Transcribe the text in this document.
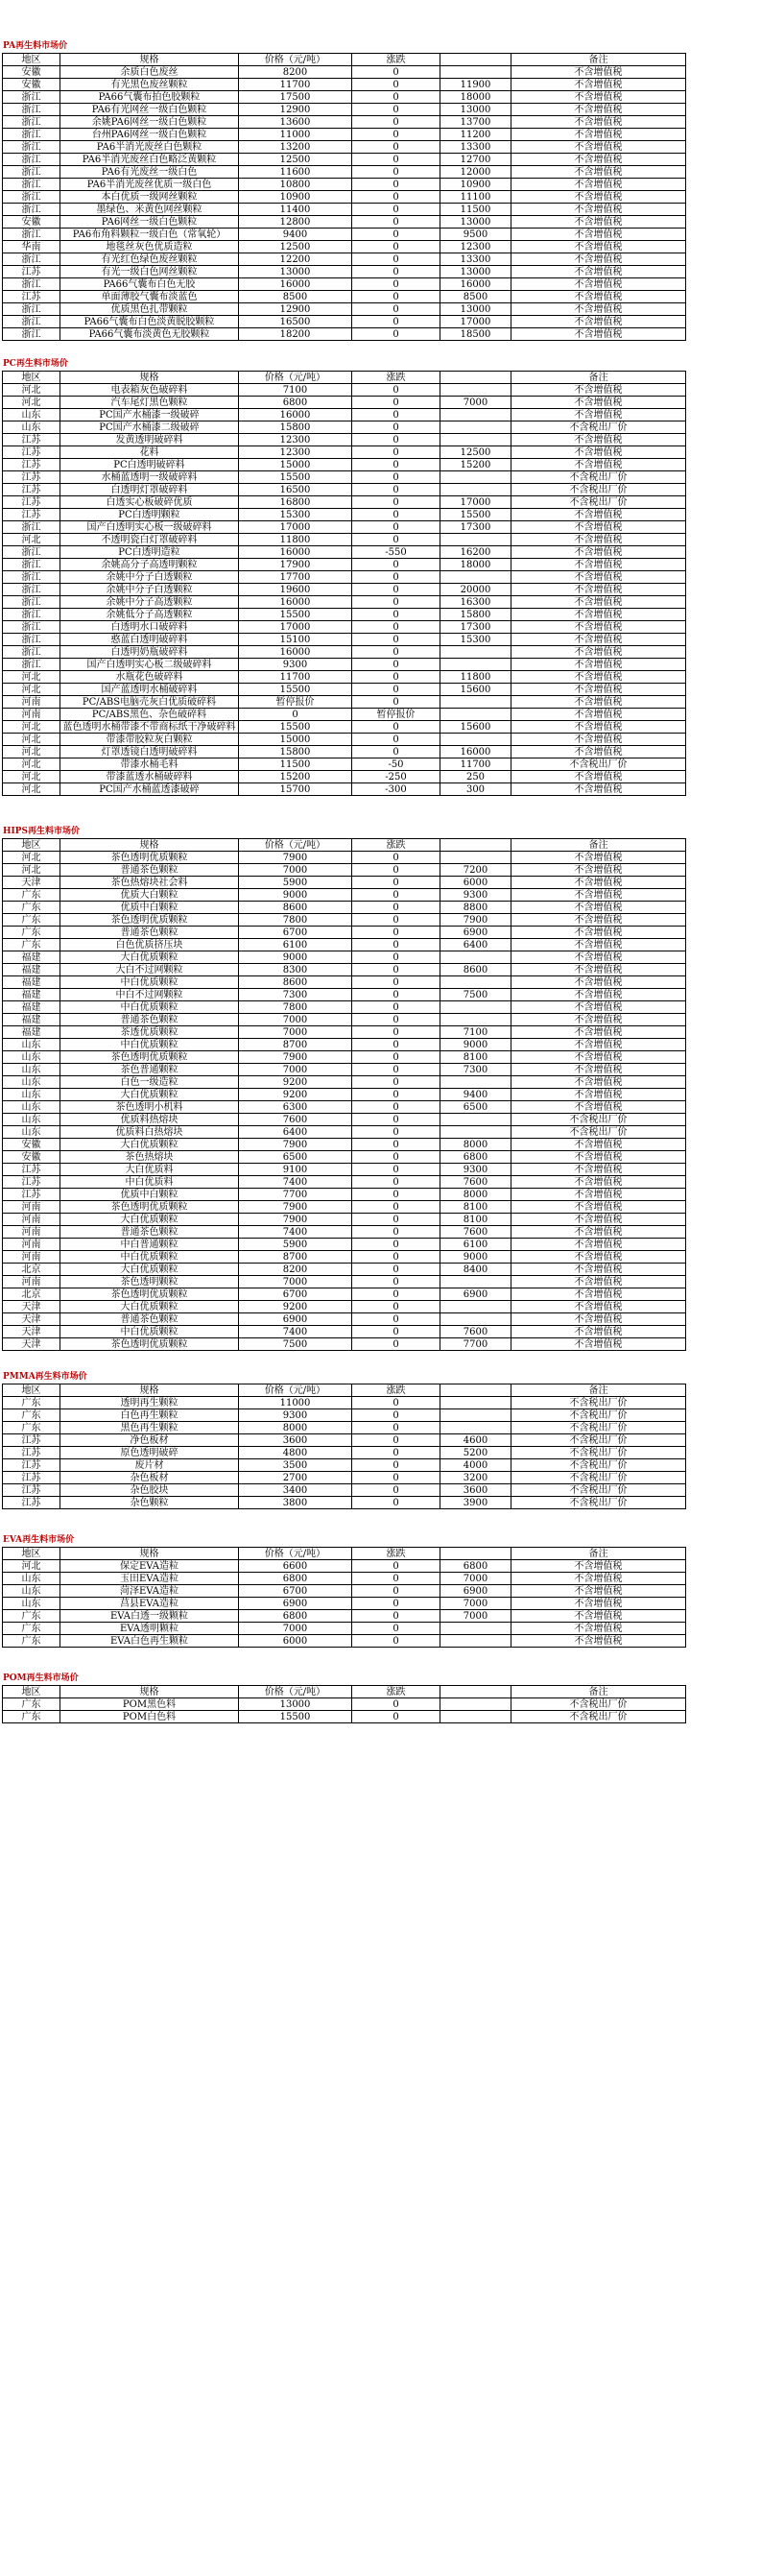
PA再生料市场价
地区	规格	价格（元/吨）	涨跌		备注
安徽	余质白色废丝	8200	0		不含增值税
安徽	有光黑色废丝颗粒	11700	0	11900	不含增值税
浙江	PA66气囊布拍色胶颗粒	17500	0	18000	不含增值税
浙江	PA6有光网丝一级白色颗粒	12900	0	13000	不含增值税
浙江	余姚PA6网丝一级白色颗粒	13600	0	13700	不含增值税
浙江	台州PA6网丝一级白色颗粒	11000	0	11200	不含增值税
浙江	PA6半消光废丝白色颗粒	13200	0	13300	不含增值税
浙江	PA6半消光废丝白色略泛黄颗粒	12500	0	12700	不含增值税
浙江	PA6有光废丝一级白色	11600	0	12000	不含增值税
浙江	PA6半消光废丝优质一级白色	10800	0	10900	不含增值税
浙江	本白优质一级网丝颗粒	10900	0	11100	不含增值税
浙江	墨绿色、米黄色网丝颗粒	11400	0	11500	不含增值税
安徽	PA6网丝一级白色颗粒	12800	0	13000	不含增值税
浙江	PA6布角料颗粒一级白色（常氧轮）	9400	0	9500	不含增值税
华南	地毯丝灰色优质造粒	12500	0	12300	不含增值税
浙江	有光红色绿色废丝颗粒	12200	0	13300	不含增值税
江苏	有光一级白色网丝颗粒	13000	0	13000	不含增值税
浙江	PA66气囊布白色无胶	16000	0	16000	不含增值税
江苏	单面薄胶气囊布淡蓝色	8500	0	8500	不含增值税
浙江	优质黑色扎带颗粒	12900	0	13000	不含增值税
浙江	PA66气囊布白色淡黄脱胶颗粒	16500	0	17000	不含增值税
浙江	PA66气囊布淡黄色无胶颗粒	18200	0	18500	不含增值税
PC再生料市场价
地区	规格	价格（元/吨）	涨跌		备注
河北	电表箱灰色破碎料	7100	0		不含增值税
河北	汽车尾灯黑色颗粒	6800	0	7000	不含增值税
山东	PC国产水桶漆一级破碎	16000	0		不含增值税
山东	PC国产水桶漆二级破碎	15800	0		不含税出厂价
江苏	发黄透明破碎料	12300	0		不含增值税
江苏	花料	12300	0	12500	不含增值税
江苏	PC白透明破碎料	15000	0	15200	不含增值税
江苏	水桶蓝透明一级破碎料	15500	0		不含税出厂价
江苏	白透明灯罩破碎料	16500	0		不含税出厂价
江苏	白透实心板破碎优质	16800	0	17000	不含税出厂价
江苏	PC白透明颗粒	15300	0	15500	不含增值税
浙江	国产白透明实心板一级破碎料	17000	0	17300	不含增值税
河北	不透明瓷白灯罩破碎料	11800	0		不含增值税
浙江	PC白透明造粒	16000	-550	16200	不含增值税
浙江	余姚高分子高透明颗粒	17900	0	18000	不含增值税
浙江	余姚中分子白透颗粒	17700	0		不含增值税
浙江	余姚中分子白透颗粒	19600	0	20000	不含增值税
浙江	余姚中分子高透颗粒	16000	0	16300	不含增值税
浙江	余姚低分子高透颗粒	15500	0	15800	不含增值税
浙江	白透明水口破碎料	17000	0	17300	不含增值税
浙江	憨蓝白透明破碎料	15100	0	15300	不含增值税
浙江	白透明奶瓶破碎料	16000	0		不含增值税
浙江	国产白透明实心板二级破碎料	9300	0		不含增值税
河北	水瓶花色破碎料	11700	0	11800	不含增值税
河北	国产蓝透明水桶破碎料	15500	0	15600	不含增值税
河南	PC/ABS电脑壳灰白优质破碎料	暂停报价	0		不含增值税
河南	PC/ABS黑色、杂色破碎料	0	暂停报价		不含增值税
河北	蓝色透明水桶带漆不带商标纸干净破碎料	15500	0	15600	不含增值税
河北	带漆带胶粒灰白颗粒	15000	0		不含增值税
河北	灯罩透镜白透明破碎料	15800	0	16000	不含增值税
河北	带漆水桶毛料	11500	-50	11700	不含税出厂价
河北	带漆蓝透水桶破碎料	15200	-250	250	不含增值税
河北	PC国产水桶蓝透漆破碎	15700	-300	300	不含增值税
HIPS再生料市场价
地区	规格	价格（元/吨）	涨跌		备注
河北	茶色透明优质颗粒	7900	0		不含增值税
河北	普通茶色颗粒	7000	0	7200	不含增值税
天津	茶色热熔块社会料	5900	0	6000	不含增值税
广东	优质大白颗粒	9000	0	9300	不含增值税
广东	优质中白颗粒	8600	0	8800	不含增值税
广东	茶色透明优质颗粒	7800	0	7900	不含增值税
广东	普通茶色颗粒	6700	0	6900	不含增值税
广东	白色优质挤压块	6100	0	6400	不含增值税
福建	大白优质颗粒	9000	0		不含增值税
福建	大白不过网颗粒	8300	0	8600	不含增值税
福建	中白优质颗粒	8600	0		不含增值税
福建	中白不过网颗粒	7300	0	7500	不含增值税
福建	中白优质颗粒	7800	0		不含增值税
福建	普通茶色颗粒	7000	0		不含增值税
福建	茶透优质颗粒	7000	0	7100	不含增值税
山东	中白优质颗粒	8700	0	9000	不含增值税
山东	茶色透明优质颗粒	7900	0	8100	不含增值税
山东	茶色普通颗粒	7000	0	7300	不含增值税
山东	白色一级造粒	9200	0		不含增值税
山东	大白优质颗粒	9200	0	9400	不含增值税
山东	茶色透明小机料	6300	0	6500	不含增值税
山东	优质料热熔块	7600	0		不含税出厂价
山东	优质料白热熔块	6400	0		不含税出厂价
安徽	大白优质颗粒	7900	0	8000	不含增值税
安徽	茶色热熔块	6500	0	6800	不含增值税
江苏	大白优质料	9100	0	9300	不含增值税
江苏	中白优质料	7400	0	7600	不含增值税
江苏	优质中白颗粒	7700	0	8000	不含增值税
河南	茶色透明优质颗粒	7900	0	8100	不含增值税
河南	大白优质颗粒	7900	0	8100	不含增值税
河南	普通茶色颗粒	7400	0	7600	不含增值税
河南	中白普通颗粒	5900	0	6100	不含增值税
河南	中白优质颗粒	8700	0	9000	不含增值税
北京	大白优质颗粒	8200	0	8400	不含增值税
河南	茶色透明颗粒	7000	0		不含增值税
北京	茶色透明优质颗粒	6700	0	6900	不含增值税
天津	大白优质颗粒	9200	0		不含增值税
天津	普通茶色颗粒	6900	0		不含增值税
天津	中白优质颗粒	7400	0	7600	不含增值税
天津	茶色透明优质颗粒	7500	0	7700	不含增值税
PMMA再生料市场价
地区	规格	价格（元/吨）	涨跌		备注
广东	透明再生颗粒	11000	0		不含税出厂价
广东	白色再生颗粒	9300	0		不含税出厂价
广东	黑色再生颗粒	8000	0		不含税出厂价
江苏	净色板材	3600	0	4600	不含税出厂价
江苏	原色透明破碎	4800	0	5200	不含税出厂价
江苏	废片材	3500	0	4000	不含税出厂价
江苏	杂色板材	2700	0	3200	不含税出厂价
江苏	杂色胶块	3400	0	3600	不含税出厂价
江苏	杂色颗粒	3800	0	3900	不含税出厂价
EVA再生料市场价
地区	规格	价格（元/吨）	涨跌		备注
河北	保定EVA造粒	6600	0	6800	不含增值税
山东	玉田EVA造粒	6800	0	7000	不含增值税
山东	菏泽EVA造粒	6700	0	6900	不含增值税
山东	莒县EVA造粒	6900	0	7000	不含增值税
广东	EVA白透一级颗粒	6800	0	7000	不含增值税
广东	EVA透明颗粒	7000	0		不含增值税
广东	EVA白色再生颗粒	6000	0		不含增值税
POM再生料市场价
地区	规格	价格（元/吨）	涨跌		备注
广东	POM黑色料	13000	0		不含税出厂价
广东	POM白色料	15500	0		不含税出厂价
